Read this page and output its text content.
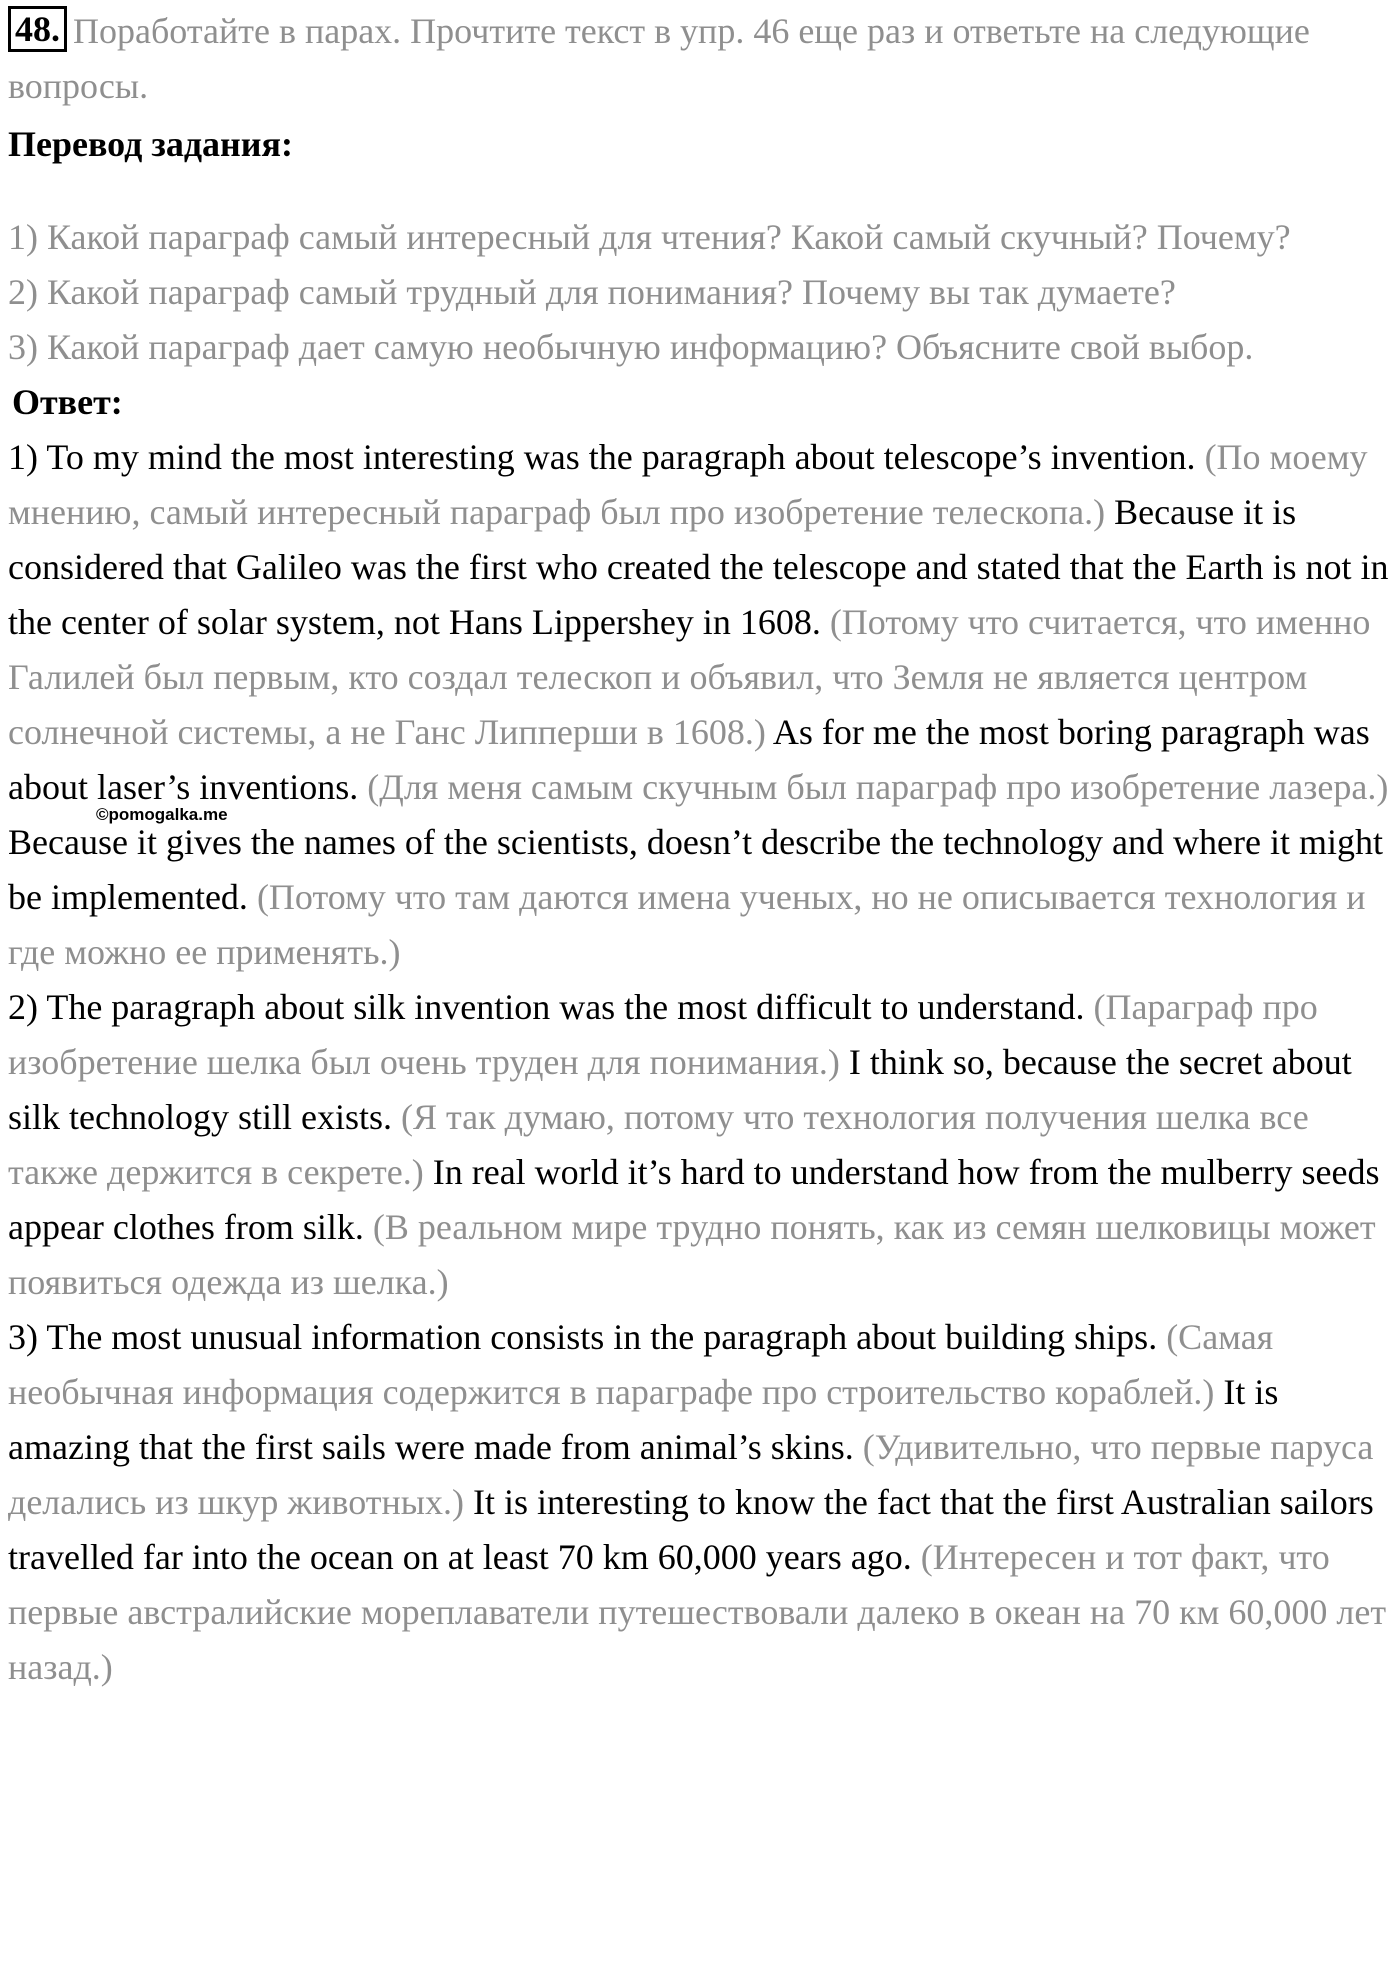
48. Поработайте в парах. Прочтите текст в упр. 46 еще раз и ответьте на следующие вопросы.

Перевод задания:

1) Какой параграф самый интересный для чтения? Какой самый скучный? Почему?

2) Какой параграф самый трудный для понимания? Почему вы так думаете?

3) Какой параграф дает самую необычную информацию? Объясните свой выбор.

Ответ:

1) To my mind the most interesting was the paragraph about telescope’s invention. (По моему мнению, самый интересный параграф был про изобретение телескопа.) Because it is considered that Galileo was the first who created the telescope and stated that the Earth is not in the center of solar system, not Hans Lippershey in 1608. (Потому что считается, что именно Галилей был первым, кто создал телескоп и объявил, что Земля не является центром солнечной системы, а не Ганс Липперши в 1608.) As for me the most boring paragraph was about laser’s inventions. (Для меня самым скучным был параграф про изобретение лазера.) Because it gives the names of the scientists, doesn’t describe the technology and where it might be implemented. (Потому что там даются имена ученых, но не описывается технология и где можно ее применять.)

2) The paragraph about silk invention was the most difficult to understand. (Параграф про изобретение шелка был очень труден для понимания.) I think so, because the secret about silk technology still exists. (Я так думаю, потому что технология получения шелка все также держится в секрете.) In real world it’s hard to understand how from the mulberry seeds appear clothes from silk. (В реальном мире трудно понять, как из семян шелковицы может появиться одежда из шелка.)

3) The most unusual information consists in the paragraph about building ships. (Самая необычная информация содержится в параграфе про строительство кораблей.) It is amazing that the first sails were made from animal’s skins. (Удивительно, что первые паруса делались из шкур животных.) It is interesting to know the fact that the first Australian sailors travelled far into the ocean on at least 70 km 60,000 years ago. (Интересен и тот факт, что первые австралийские мореплаватели путешествовали далеко в океан на 70 км 60,000 лет назад.)

©pomogalka.me
